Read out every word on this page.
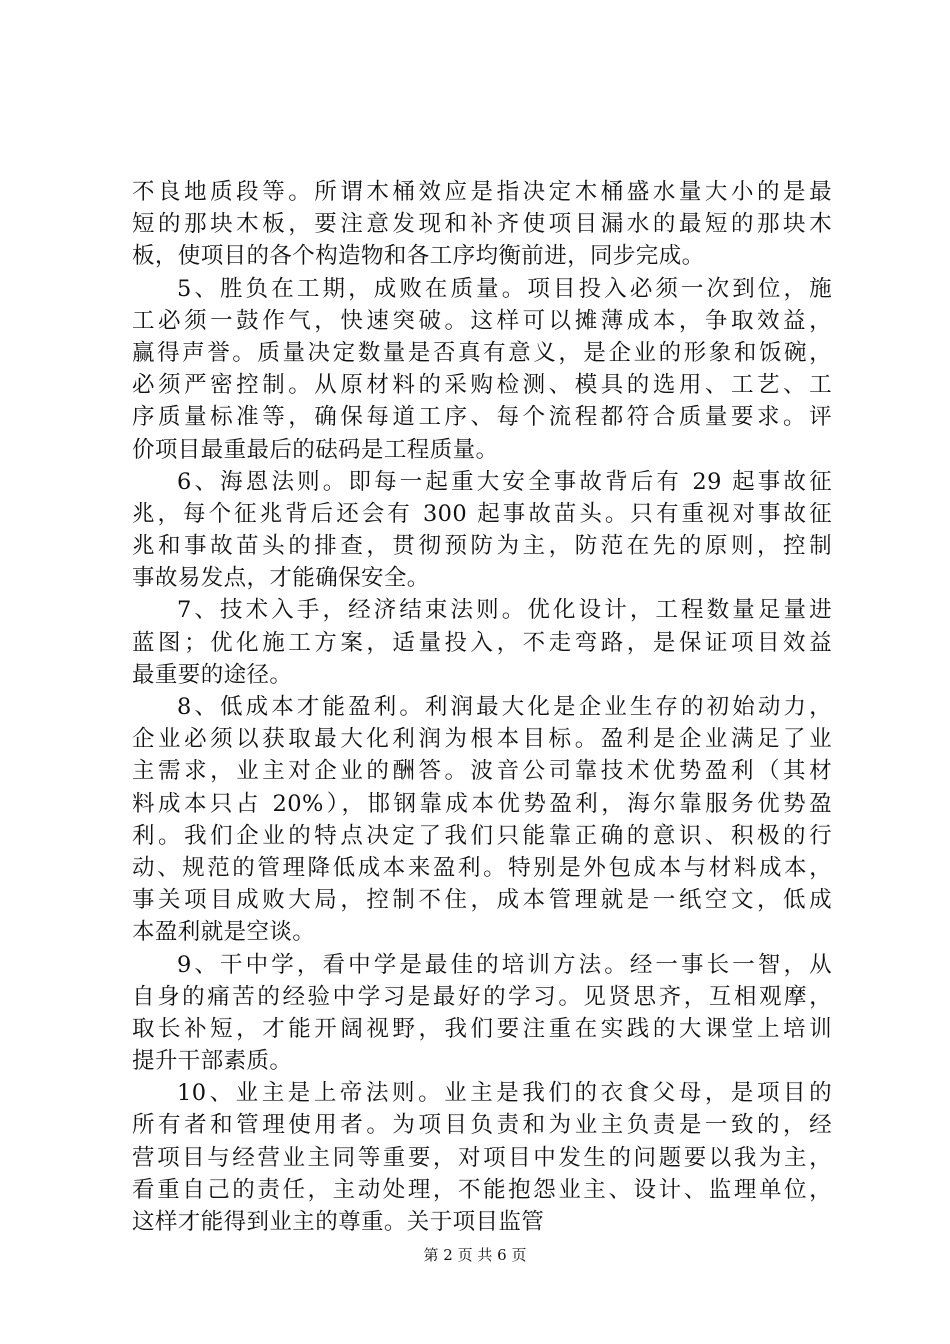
不良地质段等。所谓木桶效应是指决定木桶盛水量大小的是最
短的那块木板，要注意发现和补齐使项目漏水的最短的那块木
板，使项目的各个构造物和各工序均衡前进，同步完成。
5、胜负在工期，成败在质量。项目投入必须一次到位，施
工必须一鼓作气，快速突破。这样可以摊薄成本，争取效益，
赢得声誉。质量决定数量是否真有意义，是企业的形象和饭碗，
必须严密控制。从原材料的采购检测、模具的选用、工艺、工
序质量标准等，确保每道工序、每个流程都符合质量要求。评
价项目最重最后的砝码是工程质量。
6、海恩法则。即每一起重大安全事故背后有 29 起事故征
兆，每个征兆背后还会有 300 起事故苗头。只有重视对事故征
兆和事故苗头的排查，贯彻预防为主，防范在先的原则，控制
事故易发点，才能确保安全。
7、技术入手，经济结束法则。优化设计，工程数量足量进
蓝图；优化施工方案，适量投入，不走弯路，是保证项目效益
最重要的途径。
8、低成本才能盈利。利润最大化是企业生存的初始动力，
企业必须以获取最大化利润为根本目标。盈利是企业满足了业
主需求，业主对企业的酬答。波音公司靠技术优势盈利（其材
料成本只占 20%），邯钢靠成本优势盈利，海尔靠服务优势盈
利。我们企业的特点决定了我们只能靠正确的意识、积极的行
动、规范的管理降低成本来盈利。特别是外包成本与材料成本，
事关项目成败大局，控制不住，成本管理就是一纸空文，低成
本盈利就是空谈。
9、干中学，看中学是最佳的培训方法。经一事长一智，从
自身的痛苦的经验中学习是最好的学习。见贤思齐，互相观摩，
取长补短，才能开阔视野，我们要注重在实践的大课堂上培训
提升干部素质。
10、业主是上帝法则。业主是我们的衣食父母，是项目的
所有者和管理使用者。为项目负责和为业主负责是一致的，经
营项目与经营业主同等重要，对项目中发生的问题要以我为主，
看重自己的责任，主动处理，不能抱怨业主、设计、监理单位，
这样才能得到业主的尊重。关于项目监管
第 2 页 共 6 页
